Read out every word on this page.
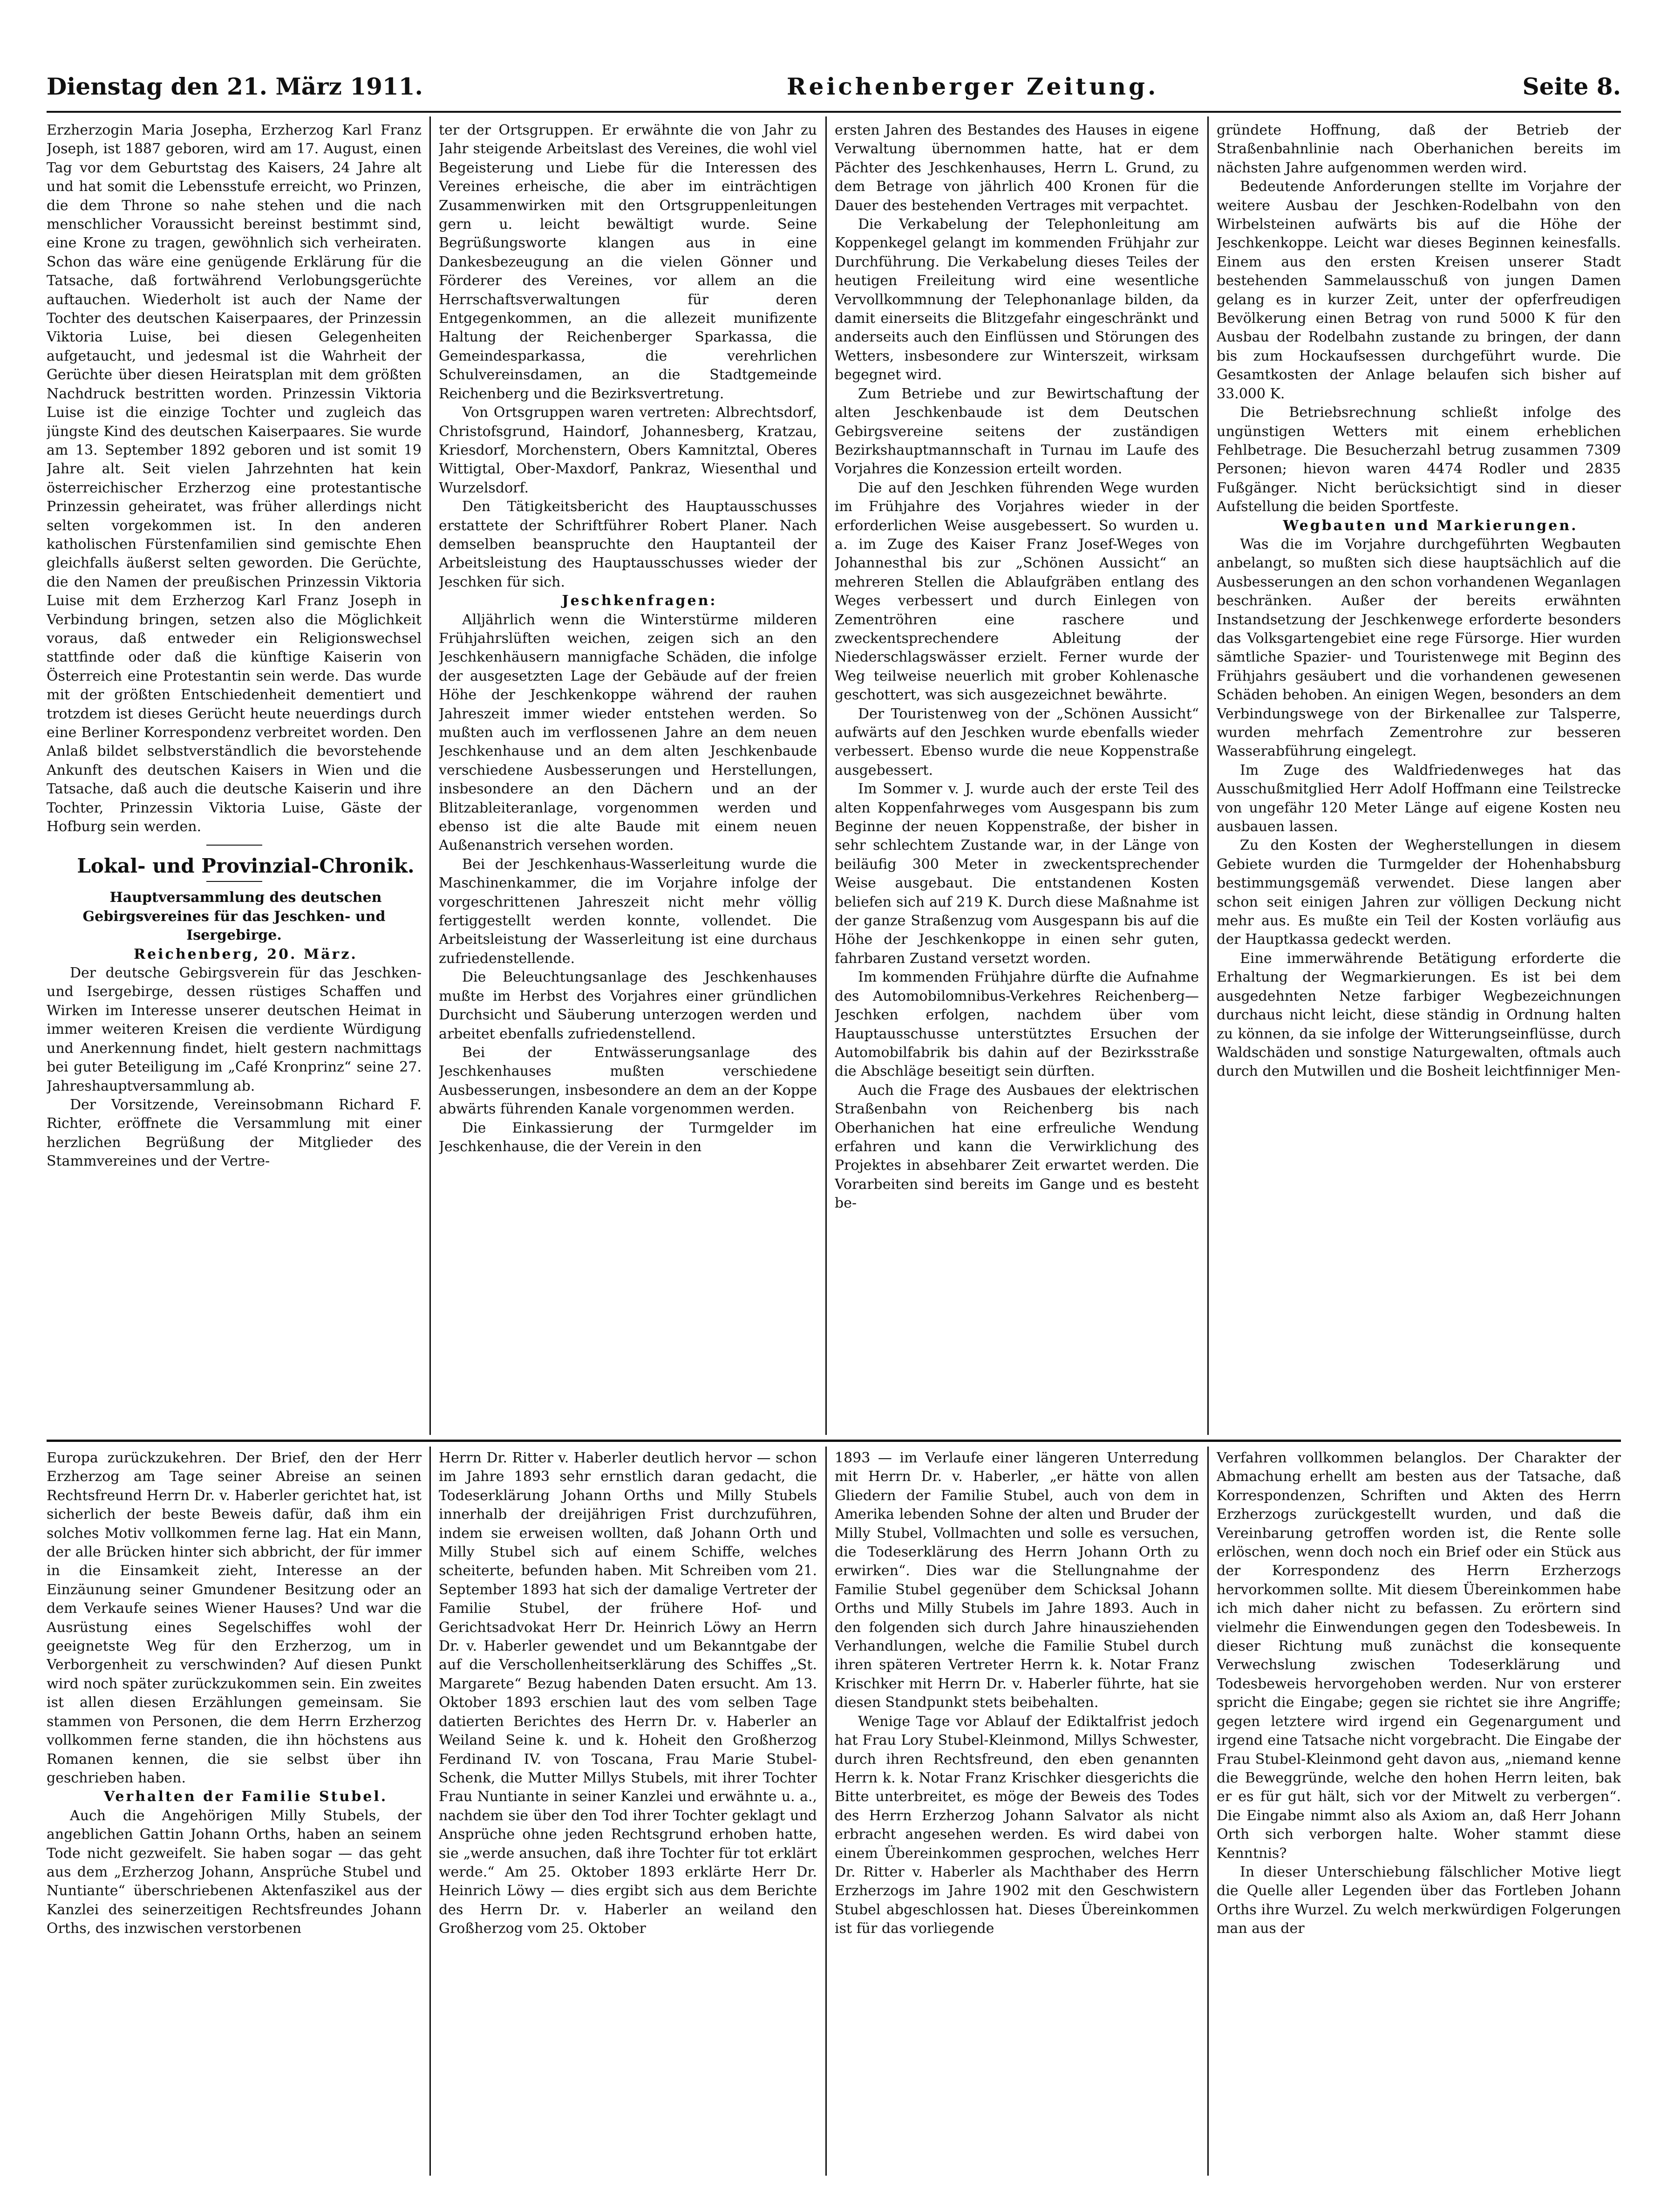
Dienstag den 21. März 1911.	Reichenberger Zeitung.	Seite 8.

Erzherzogin Maria Josepha, Erzherzog Karl Franz Joseph, ist 1887 geboren, wird am 17. August, einen Tag vor dem Geburtstag des Kaisers, 24 Jahre alt und hat somit die Lebensstufe erreicht, wo Prinzen, die dem Throne so nahe stehen und die nach menschlicher Voraussicht bereinst bestimmt sind, eine Krone zu tragen, gewöhnlich sich verheiraten. Schon das wäre eine genügende Erklärung für die Tatsache, daß fortwährend Verlobungsgerüchte auftauchen. Wiederholt ist auch der Name der Tochter des deutschen Kaiserpaares, der Prinzessin Viktoria Luise, bei diesen Gelegenheiten aufgetaucht, und jedesmal ist die Wahrheit der Gerüchte über diesen Heiratsplan mit dem größten Nachdruck bestritten worden. Prinzessin Viktoria Luise ist die einzige Tochter und zugleich das jüngste Kind des deutschen Kaiserpaares. Sie wurde am 13. September 1892 geboren und ist somit 19 Jahre alt. Seit vielen Jahrzehnten hat kein österreichischer Erzherzog eine protestantische Prinzessin geheiratet, was früher allerdings nicht selten vorgekommen ist. In den anderen katholischen Fürstenfamilien sind gemischte Ehen gleichfalls äußerst selten geworden. Die Gerüchte, die den Namen der preußischen Prinzessin Viktoria Luise mit dem Erzherzog Karl Franz Joseph in Verbindung bringen, setzen also die Möglichkeit voraus, daß entweder ein Religionswechsel stattfinde oder daß die künftige Kaiserin von Österreich eine Protestantin sein werde. Das wurde mit der größten Entschiedenheit dementiert und trotzdem ist dieses Gerücht heute neuerdings durch eine Berliner Korrespondenz verbreitet worden. Den Anlaß bildet selbstverständlich die bevorstehende Ankunft des deutschen Kaisers in Wien und die Tatsache, daß auch die deutsche Kaiserin und ihre Tochter, Prinzessin Viktoria Luise, Gäste der Hofburg sein werden.

Lokal- und Provinzial-Chronik.

Hauptversammlung des deutschen Gebirgsvereines für das Jeschken- und Isergebirge.

Reichenberg, 20. März.

Der deutsche Gebirgsverein für das Jeschken- und Isergebirge, dessen rüstiges Schaffen und Wirken im Interesse unserer deutschen Heimat in immer weiteren Kreisen die verdiente Würdigung und Anerkennung findet, hielt gestern nachmittags bei guter Beteiligung im „Café Kronprinz“ seine 27. Jahreshauptversammlung ab.

Der Vorsitzende, Vereinsobmann Richard F. Richter, eröffnete die Versammlung mit einer herzlichen Begrüßung der Mitglieder des Stammvereines und der Vertre-

ter der Ortsgruppen. Er erwähnte die von Jahr zu Jahr steigende Arbeitslast des Vereines, die wohl viel Begeisterung und Liebe für die Interessen des Vereines erheische, die aber im einträchtigen Zusammenwirken mit den Ortsgruppenleitungen gern u. leicht bewältigt wurde. Seine Begrüßungsworte klangen aus in eine Dankesbezeugung an die vielen Gönner und Förderer des Vereines, vor allem an die Herrschaftsverwaltungen für deren Entgegenkommen, an die allezeit munifizente Haltung der Reichenberger Sparkassa, die Gemeindesparkassa, die verehrlichen Schulvereinsdamen, an die Stadtgemeinde Reichenberg und die Bezirksvertretung.

Von Ortsgruppen waren vertreten: Albrechtsdorf, Christofsgrund, Haindorf, Johannesberg, Kratzau, Kriesdorf, Morchenstern, Obers Kamnitztal, Oberes Wittigtal, Ober-Maxdorf, Pankraz, Wiesenthal und Wurzelsdorf.

Den Tätigkeitsbericht des Hauptausschusses erstattete der Schriftführer Robert Planer. Nach demselben beanspruchte den Hauptanteil der Arbeitsleistung des Hauptausschusses wieder der Jeschken für sich.

Jeschkenfragen:

Alljährlich wenn die Winterstürme milderen Frühjahrslüften weichen, zeigen sich an den Jeschkenhäusern mannigfache Schäden, die infolge der ausgesetzten Lage der Gebäude auf der freien Höhe der Jeschkenkoppe während der rauhen Jahreszeit immer wieder entstehen werden. So mußten auch im verflossenen Jahre an dem neuen Jeschkenhause und an dem alten Jeschkenbaude verschiedene Ausbesserungen und Herstellungen, insbesondere an den Dächern und an der Blitzableiteranlage, vorgenommen werden und ebenso ist die alte Baude mit einem neuen Außenanstrich versehen worden.

Bei der Jeschkenhaus-Wasserleitung wurde die Maschinenkammer, die im Vorjahre infolge der vorgeschrittenen Jahreszeit nicht mehr völlig fertiggestellt werden konnte, vollendet. Die Arbeitsleistung der Wasserleitung ist eine durchaus zufriedenstellende.

Die Beleuchtungsanlage des Jeschkenhauses mußte im Herbst des Vorjahres einer gründlichen Durchsicht und Säuberung unterzogen werden und arbeitet ebenfalls zufriedenstellend.

Bei der Entwässerungsanlage des Jeschkenhauses mußten verschiedene Ausbesserungen, insbesondere an dem an der Koppe abwärts führenden Kanale vorgenommen werden.

Die Einkassierung der Turmgelder im Jeschkenhause, die der Verein in den

ersten Jahren des Bestandes des Hauses in eigene Verwaltung übernommen hatte, hat er dem Pächter des Jeschkenhauses, Herrn L. Grund, zu dem Betrage von jährlich 400 Kronen für die Dauer des bestehenden Vertrages mit verpachtet.

Die Verkabelung der Telephonleitung am Koppenkegel gelangt im kommenden Frühjahr zur Durchführung. Die Verkabelung dieses Teiles der heutigen Freileitung wird eine wesentliche Vervollkommnung der Telephonanlage bilden, da damit einerseits die Blitzgefahr eingeschränkt und anderseits auch den Einflüssen und Störungen des Wetters, insbesondere zur Winterszeit, wirksam begegnet wird.

Zum Betriebe und zur Bewirtschaftung der alten Jeschkenbaude ist dem Deutschen Gebirgsvereine seitens der zuständigen Bezirkshauptmannschaft in Turnau im Laufe des Vorjahres die Konzession erteilt worden.

Die auf den Jeschken führenden Wege wurden im Frühjahre des Vorjahres wieder in der erforderlichen Weise ausgebessert. So wurden u. a. im Zuge des Kaiser Franz Josef-Weges von Johannesthal bis zur „Schönen Aussicht“ an mehreren Stellen die Ablaufgräben entlang des Weges verbessert und durch Einlegen von Zementröhren eine raschere und zweckentsprechendere Ableitung der Niederschlagswässer erzielt. Ferner wurde der Weg teilweise neuerlich mit grober Kohlenasche geschottert, was sich ausgezeichnet bewährte.

Der Touristenweg von der „Schönen Aussicht“ aufwärts auf den Jeschken wurde ebenfalls wieder verbessert. Ebenso wurde die neue Koppenstraße ausgebessert.

Im Sommer v. J. wurde auch der erste Teil des alten Koppenfahrweges vom Ausgespann bis zum Beginne der neuen Koppenstraße, der bisher in sehr schlechtem Zustande war, in der Länge von beiläufig 300 Meter in zweckentsprechender Weise ausgebaut. Die entstandenen Kosten beliefen sich auf 219 K. Durch diese Maßnahme ist der ganze Straßenzug vom Ausgespann bis auf die Höhe der Jeschkenkoppe in einen sehr guten, fahrbaren Zustand versetzt worden.

Im kommenden Frühjahre dürfte die Aufnahme des Automobilomnibus-Verkehres Reichenberg—Jeschken erfolgen, nachdem über vom Hauptausschusse unterstütztes Ersuchen der Automobilfabrik bis dahin auf der Bezirksstraße die Abschläge beseitigt sein dürften.

Auch die Frage des Ausbaues der elektrischen Straßenbahn von Reichenberg bis nach Oberhanichen hat eine erfreuliche Wendung erfahren und kann die Verwirklichung des Projektes in absehbarer Zeit erwartet werden. Die Vorarbeiten sind bereits im Gange und es besteht be-

gründete Hoffnung, daß der Betrieb der Straßenbahnlinie nach Oberhanichen bereits im nächsten Jahre aufgenommen werden wird.

Bedeutende Anforderungen stellte im Vorjahre der weitere Ausbau der Jeschken-Rodelbahn von den Wirbelsteinen aufwärts bis auf die Höhe der Jeschkenkoppe. Leicht war dieses Beginnen keinesfalls. Einem aus den ersten Kreisen unserer Stadt bestehenden Sammelausschuß von jungen Damen gelang es in kurzer Zeit, unter der opferfreudigen Bevölkerung einen Betrag von rund 5000 K für den Ausbau der Rodelbahn zustande zu bringen, der dann bis zum Hockaufsessen durchgeführt wurde. Die Gesamtkosten der Anlage belaufen sich bisher auf 33.000 K.

Die Betriebsrechnung schließt infolge des ungünstigen Wetters mit einem erheblichen Fehlbetrage. Die Besucherzahl betrug zusammen 7309 Personen; hievon waren 4474 Rodler und 2835 Fußgänger. Nicht berücksichtigt sind in dieser Aufstellung die beiden Sportfeste.

Wegbauten und Markierungen.

Was die im Vorjahre durchgeführten Wegbauten anbelangt, so mußten sich diese hauptsächlich auf die Ausbesserungen an den schon vorhandenen Weganlagen beschränken. Außer der bereits erwähnten Instandsetzung der Jeschkenwege erforderte besonders das Volksgartengebiet eine rege Fürsorge. Hier wurden sämtliche Spazier- und Touristenwege mit Beginn des Frühjahrs gesäubert und die vorhandenen gewesenen Schäden behoben. An einigen Wegen, besonders an dem Verbindungswege von der Birkenallee zur Talsperre, wurden mehrfach Zementrohre zur besseren Wasserabführung eingelegt.

Im Zuge des Waldfriedenweges hat das Ausschußmitglied Herr Adolf Hoffmann eine Teilstrecke von ungefähr 120 Meter Länge auf eigene Kosten neu ausbauen lassen.

Zu den Kosten der Wegherstellungen in diesem Gebiete wurden die Turmgelder der Hohenhabsburg bestimmungsgemäß verwendet. Diese langen aber schon seit einigen Jahren zur völligen Deckung nicht mehr aus. Es mußte ein Teil der Kosten vorläufig aus der Hauptkassa gedeckt werden.

Eine immerwährende Betätigung erforderte die Erhaltung der Wegmarkierungen. Es ist bei dem ausgedehnten Netze farbiger Wegbezeichnungen durchaus nicht leicht, diese ständig in Ordnung halten zu können, da sie infolge der Witterungseinflüsse, durch Waldschäden und sonstige Naturgewalten, oftmals auch durch den Mutwillen und die Bosheit leichtfinniger Men-

Europa zurückzukehren. Der Brief, den der Herr Erzherzog am Tage seiner Abreise an seinen Rechtsfreund Herrn Dr. v. Haberler gerichtet hat, ist sicherlich der beste Beweis dafür, daß ihm ein solches Motiv vollkommen ferne lag. Hat ein Mann, der alle Brücken hinter sich abbricht, der für immer in die Einsamkeit zieht, Interesse an der Einzäunung seiner Gmundener Besitzung oder an dem Verkaufe seines Wiener Hauses? Und war die Ausrüstung eines Segelschiffes wohl der geeignetste Weg für den Erzherzog, um in Verborgenheit zu verschwinden? Auf diesen Punkt wird noch später zurückzukommen sein. Ein zweites ist allen diesen Erzählungen gemeinsam. Sie stammen von Personen, die dem Herrn Erzherzog vollkommen ferne standen, die ihn höchstens aus Romanen kennen, die sie selbst über ihn geschrieben haben.

Verhalten der Familie Stubel.

Auch die Angehörigen Milly Stubels, der angeblichen Gattin Johann Orths, haben an seinem Tode nicht gezweifelt. Sie haben sogar — das geht aus dem „Erzherzog Johann, Ansprüche Stubel und Nuntiante“ überschriebenen Aktenfaszikel aus der Kanzlei des seinerzeitigen Rechtsfreundes Johann Orths, des inzwischen verstorbenen

Herrn Dr. Ritter v. Haberler deutlich hervor — schon im Jahre 1893 sehr ernstlich daran gedacht, die Todeserklärung Johann Orths und Milly Stubels innerhalb der dreijährigen Frist durchzuführen, indem sie erweisen wollten, daß Johann Orth und Milly Stubel sich auf einem Schiffe, welches scheiterte, befunden haben. Mit Schreiben vom 21. September 1893 hat sich der damalige Vertreter der Familie Stubel, der frühere Hof- und Gerichtsadvokat Herr Dr. Heinrich Löwy an Herrn Dr. v. Haberler gewendet und um Bekanntgabe der auf die Verschollenheitserklärung des Schiffes „St. Margarete“ Bezug habenden Daten ersucht. Am 13. Oktober 1893 erschien laut des vom selben Tage datierten Berichtes des Herrn Dr. v. Haberler an Weiland Seine k. und k. Hoheit den Großherzog Ferdinand IV. von Toscana, Frau Marie Stubel-Schenk, die Mutter Millys Stubels, mit ihrer Tochter Frau Nuntiante in seiner Kanzlei und erwähnte u. a., nachdem sie über den Tod ihrer Tochter geklagt und Ansprüche ohne jeden Rechtsgrund erhoben hatte, sie „werde ansuchen, daß ihre Tochter für tot erklärt werde.“ Am 25. Oktober 1893 erklärte Herr Dr. Heinrich Löwy — dies ergibt sich aus dem Berichte des Herrn Dr. v. Haberler an weiland den Großherzog vom 25. Oktober

1893 — im Verlaufe einer längeren Unterredung mit Herrn Dr. v. Haberler, „er hätte von allen Gliedern der Familie Stubel, auch von dem in Amerika lebenden Sohne der alten und Bruder der Milly Stubel, Vollmachten und solle es versuchen, die Todeserklärung des Herrn Johann Orth zu erwirken“. Dies war die Stellungnahme der Familie Stubel gegenüber dem Schicksal Johann Orths und Milly Stubels im Jahre 1893. Auch in den folgenden sich durch Jahre hinausziehenden Verhandlungen, welche die Familie Stubel durch ihren späteren Vertreter Herrn k. k. Notar Franz Krischker mit Herrn Dr. v. Haberler führte, hat sie diesen Standpunkt stets beibehalten.

Wenige Tage vor Ablauf der Ediktalfrist jedoch hat Frau Lory Stubel-Kleinmond, Millys Schwester, durch ihren Rechtsfreund, den eben genannten Herrn k. k. Notar Franz Krischker diesgerichts die Bitte unterbreitet, es möge der Beweis des Todes des Herrn Erzherzog Johann Salvator als nicht erbracht angesehen werden. Es wird dabei von einem Übereinkommen gesprochen, welches Herr Dr. Ritter v. Haberler als Machthaber des Herrn Erzherzogs im Jahre 1902 mit den Geschwistern Stubel abgeschlossen hat. Dieses Übereinkommen ist für das vorliegende

Verfahren vollkommen belanglos. Der Charakter der Abmachung erhellt am besten aus der Tatsache, daß Korrespondenzen, Schriften und Akten des Herrn Erzherzogs zurückgestellt wurden, und daß die Vereinbarung getroffen worden ist, die Rente solle erlöschen, wenn doch noch ein Brief oder ein Stück aus der Korrespondenz des Herrn Erzherzogs hervorkommen sollte. Mit diesem Übereinkommen habe ich mich daher nicht zu befassen. Zu erörtern sind vielmehr die Einwendungen gegen den Todesbeweis. In dieser Richtung muß zunächst die konsequente Verwechslung zwischen Todeserklärung und Todesbeweis hervorgehoben werden. Nur von ersterer spricht die Eingabe; gegen sie richtet sie ihre Angriffe; gegen letztere wird irgend ein Gegenargument und irgend eine Tatsache nicht vorgebracht. Die Eingabe der Frau Stubel-Kleinmond geht davon aus, „niemand kenne die Beweggründe, welche den hohen Herrn leiten, bak er es für gut hält, sich vor der Mitwelt zu verbergen“. Die Eingabe nimmt also als Axiom an, daß Herr Johann Orth sich verborgen halte. Woher stammt diese Kenntnis?

In dieser Unterschiebung fälschlicher Motive liegt die Quelle aller Legenden über das Fortleben Johann Orths ihre Wurzel. Zu welch merkwürdigen Folgerungen man aus der
